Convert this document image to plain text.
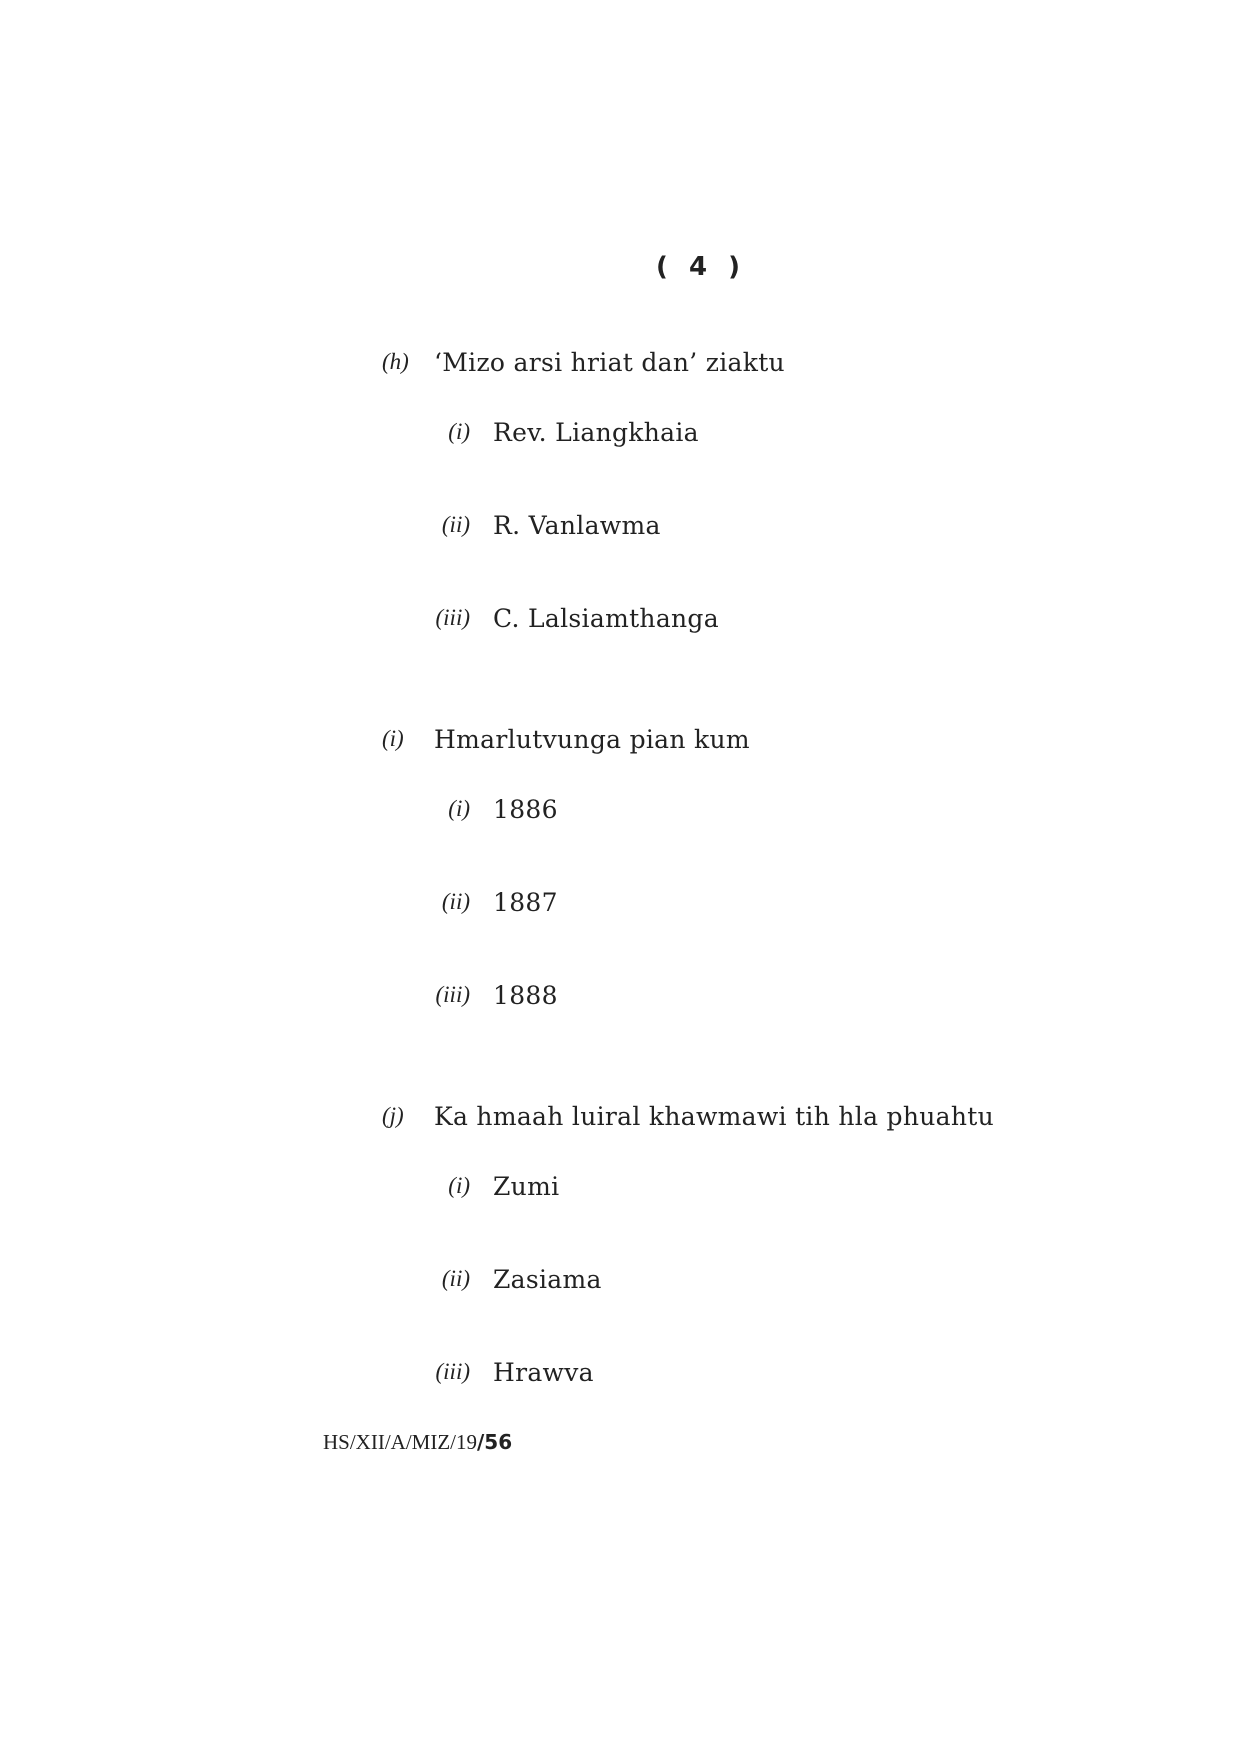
( 4 )
(h) ‘Mizo arsi hriat dan’ ziaktu
(i) Rev. Liangkhaia
(ii) R. Vanlawma
(iii) C. Lalsiamthanga
(i) Hmarlutvunga pian kum
(i) 1886
(ii) 1887
(iii) 1888
(j) Ka hmaah luiral khawmawi tih hla phuahtu
(i) Zumi
(ii) Zasiama
(iii) Hrawva
HS/XII/A/MIZ/19/56
